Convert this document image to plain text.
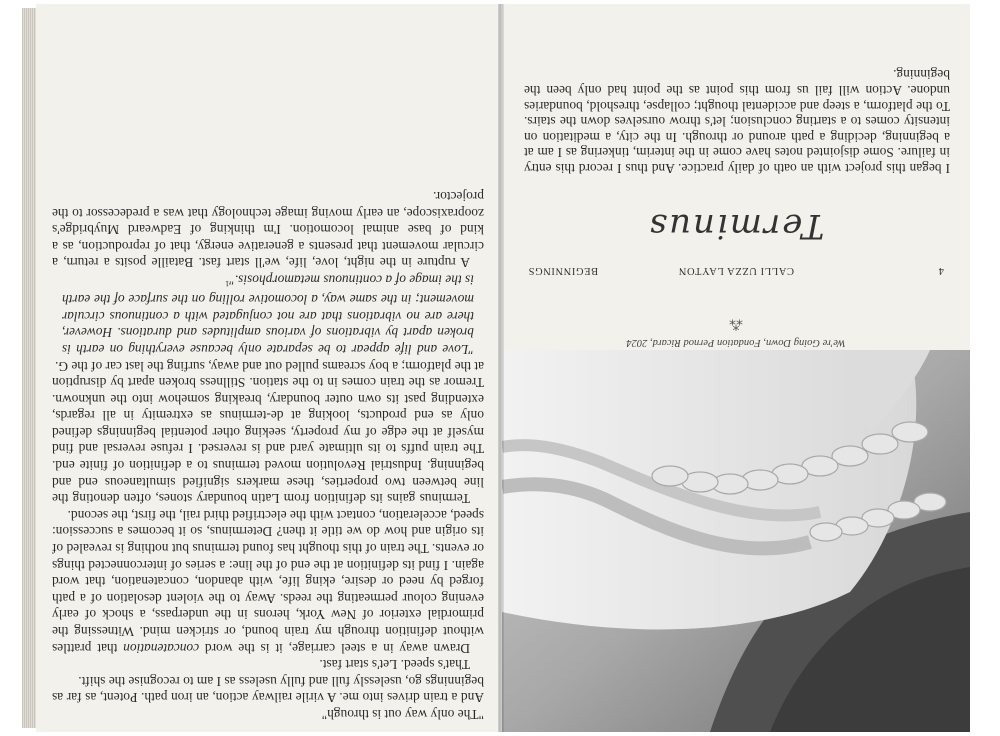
We're Going Down, Fondation Pernod Ricard, 2024
⁂
4
CALLI UZZA LAYTON
BEGINNINGS
Terminus

I began this project with an oath of daily practice. And thus I record this entry in failure. Some disjointed notes have come in the interim, tinkering as I am at a beginning, deciding a path around or through. In the city, a meditation on intensity comes to a starting conclusion; let's throw ourselves down the stairs. To the platform, a steep and accidental thought; collapse, threshold, boundaries undone. Action will fail us from this point as the point had only been the beginning.

"The only way out is through"

And a train drives into me. A virile railway action, an iron path. Potent, as far as beginnings go, uselessly full and fully useless as I am to recognise the shift.

That's speed. Let's start fast.

Drawn away in a steel carriage, it is the word concatenation that prattles without definition through my train bound, or stricken mind. Witnessing the primordial exterior of New York, herons in the underpass, a shock of early evening colour permeating the reeds. Away to the violent desolation of a path forged by need or desire, eking life, with abandon, concatenation, that word again. I find its definition at the end of the line: a series of interconnected things or events. The train of this thought has found terminus but nothing is revealed of its origin and how do we title it then? Determinus, so it becomes a succession: speed, acceleration, contact with the electrified third rail, the first, the second.

Terminus gains its definition from Latin boundary stones, often denoting the line between two properties, these markers signified simultaneous end and beginning. Industrial Revolution moved terminus to a definition of finite end. The train puffs to its ultimate yard and is reversed. I refuse reversal and find myself at the edge of my property, seeking other potential beginnings defined only as end products, looking at de-terminus as extremity in all regards, extending past its own outer boundary, breaking somehow into the unknown. Tremor as the train comes in to the station. Stillness broken apart by disruption at the platform; a boy screams pulled out and away, surfing the last car of the G.

"Love and life appear to be separate only because everything on earth is broken apart by vibrations of various amplitudes and durations. However, there are no vibrations that are not conjugated with a continuous circular movement; in the same way, a locomotive rolling on the surface of the earth is the image of a continuous metamorphosis."$^1$

A rupture in the night, love, life, we'll start fast. Bataille posits a return, a circular movement that presents a generative energy, that of reproduction, as a kind of base animal locomotion. I'm thinking of Eadweard Muybridge's zoopraxiscope, an early moving image technology that was a predecessor to the projector.
